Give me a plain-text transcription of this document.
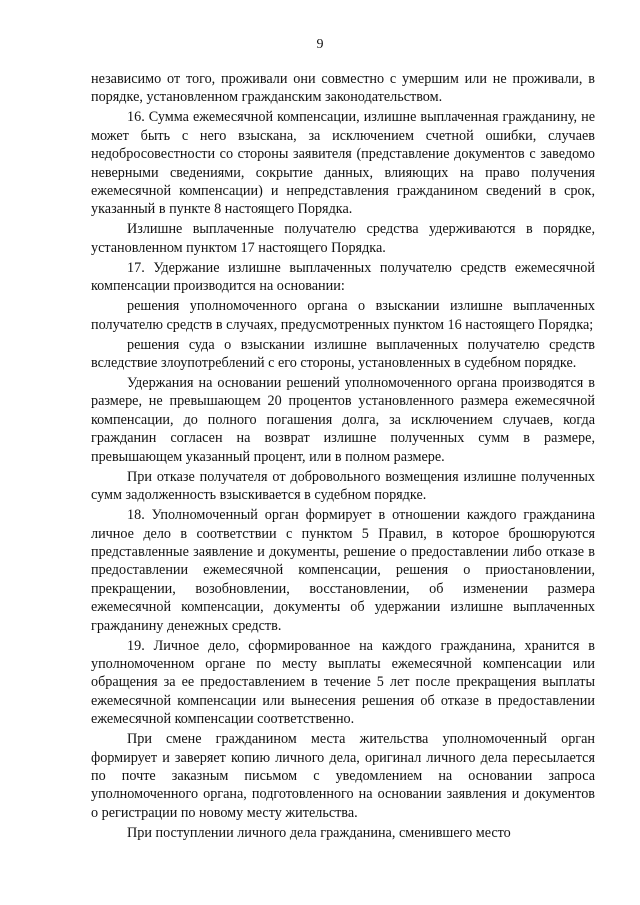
9

независимо от того, проживали они совместно с умершим или не проживали, в порядке, установленном гражданским законодательством.

16. Сумма ежемесячной компенсации, излишне выплаченная гражданину, не может быть с него взыскана, за исключением счетной ошибки, случаев недобросовестности со стороны заявителя (представление документов с заведомо неверными сведениями, сокрытие данных, влияющих на право получения ежемесячной компенсации) и непредставления гражданином сведений в срок, указанный в пункте 8 настоящего Порядка.

Излишне выплаченные получателю средства удерживаются в порядке, установленном пунктом 17 настоящего Порядка.

17. Удержание излишне выплаченных получателю средств ежемесячной компенсации производится на основании:

решения уполномоченного органа о взыскании излишне выплаченных получателю средств в случаях, предусмотренных пунктом 16 настоящего Порядка;

решения суда о взыскании излишне выплаченных получателю средств вследствие злоупотреблений с его стороны, установленных в судебном порядке.

Удержания на основании решений уполномоченного органа производятся в размере, не превышающем 20 процентов установленного размера ежемесячной компенсации, до полного погашения долга, за исключением случаев, когда гражданин согласен на возврат излишне полученных сумм в размере, превышающем указанный процент, или в полном размере.

При отказе получателя от добровольного возмещения излишне полученных сумм задолженность взыскивается в судебном порядке.

18. Уполномоченный орган формирует в отношении каждого гражданина личное дело в соответствии с пунктом 5 Правил, в которое брошюруются представленные заявление и документы, решение о предоставлении либо отказе в предоставлении ежемесячной компенсации, решения о приостановлении, прекращении, возобновлении, восстановлении, об изменении размера ежемесячной компенсации, документы об удержании излишне выплаченных гражданину денежных средств.

19. Личное дело, сформированное на каждого гражданина, хранится в уполномоченном органе по месту выплаты ежемесячной компенсации или обращения за ее предоставлением в течение 5 лет после прекращения выплаты ежемесячной компенсации или вынесения решения об отказе в предоставлении ежемесячной компенсации соответственно.

При смене гражданином места жительства уполномоченный орган формирует и заверяет копию личного дела, оригинал личного дела пересылается по почте заказным письмом с уведомлением на основании запроса уполномоченного органа, подготовленного на основании заявления и документов о регистрации по новому месту жительства.

При поступлении личного дела гражданина, сменившего место
